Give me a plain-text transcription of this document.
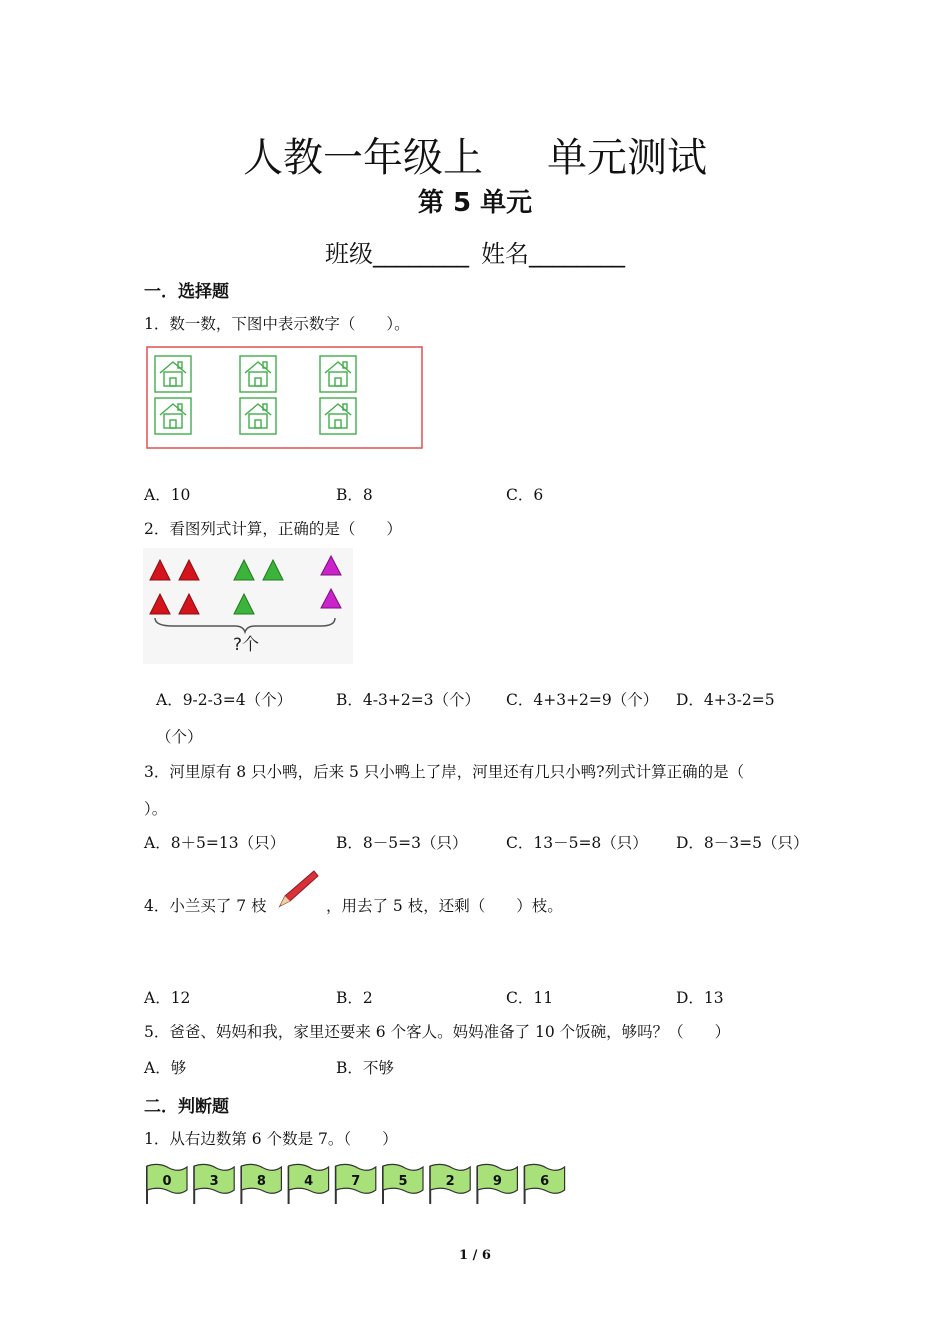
人教一年级上 单元测试
第 5 单元
班级________ 姓名________
一．选择题
1．数一数，下图中表示数字（　　）。
A．10	B．8	C．6
2．看图列式计算，正确的是（　　）
?个
A．9-2-3=4（个）	B．4-3+2=3（个） C．4+3+2=9（个） D．4+3-2=5
（个）
3．河里原有 8 只小鸭，后来 5 只小鸭上了岸，河里还有几只小鸭?列式计算正确的是（
）。
A．8＋5=13（只）	B．8－5=3（只） C．13－5=8（只） D．8－3=5（只）
4．小兰买了 7 枝	，用去了 5 枝，还剩（　　）枝。
A．12	B．2	C．11	D．13
5．爸爸、妈妈和我，家里还要来 6 个客人。妈妈准备了 10 个饭碗，够吗？（　　）
A．够	B．不够
二．判断题
1．从右边数第 6 个数是 7。（　　）
0	3	8	4	7	5	2	9	6
1 / 6
